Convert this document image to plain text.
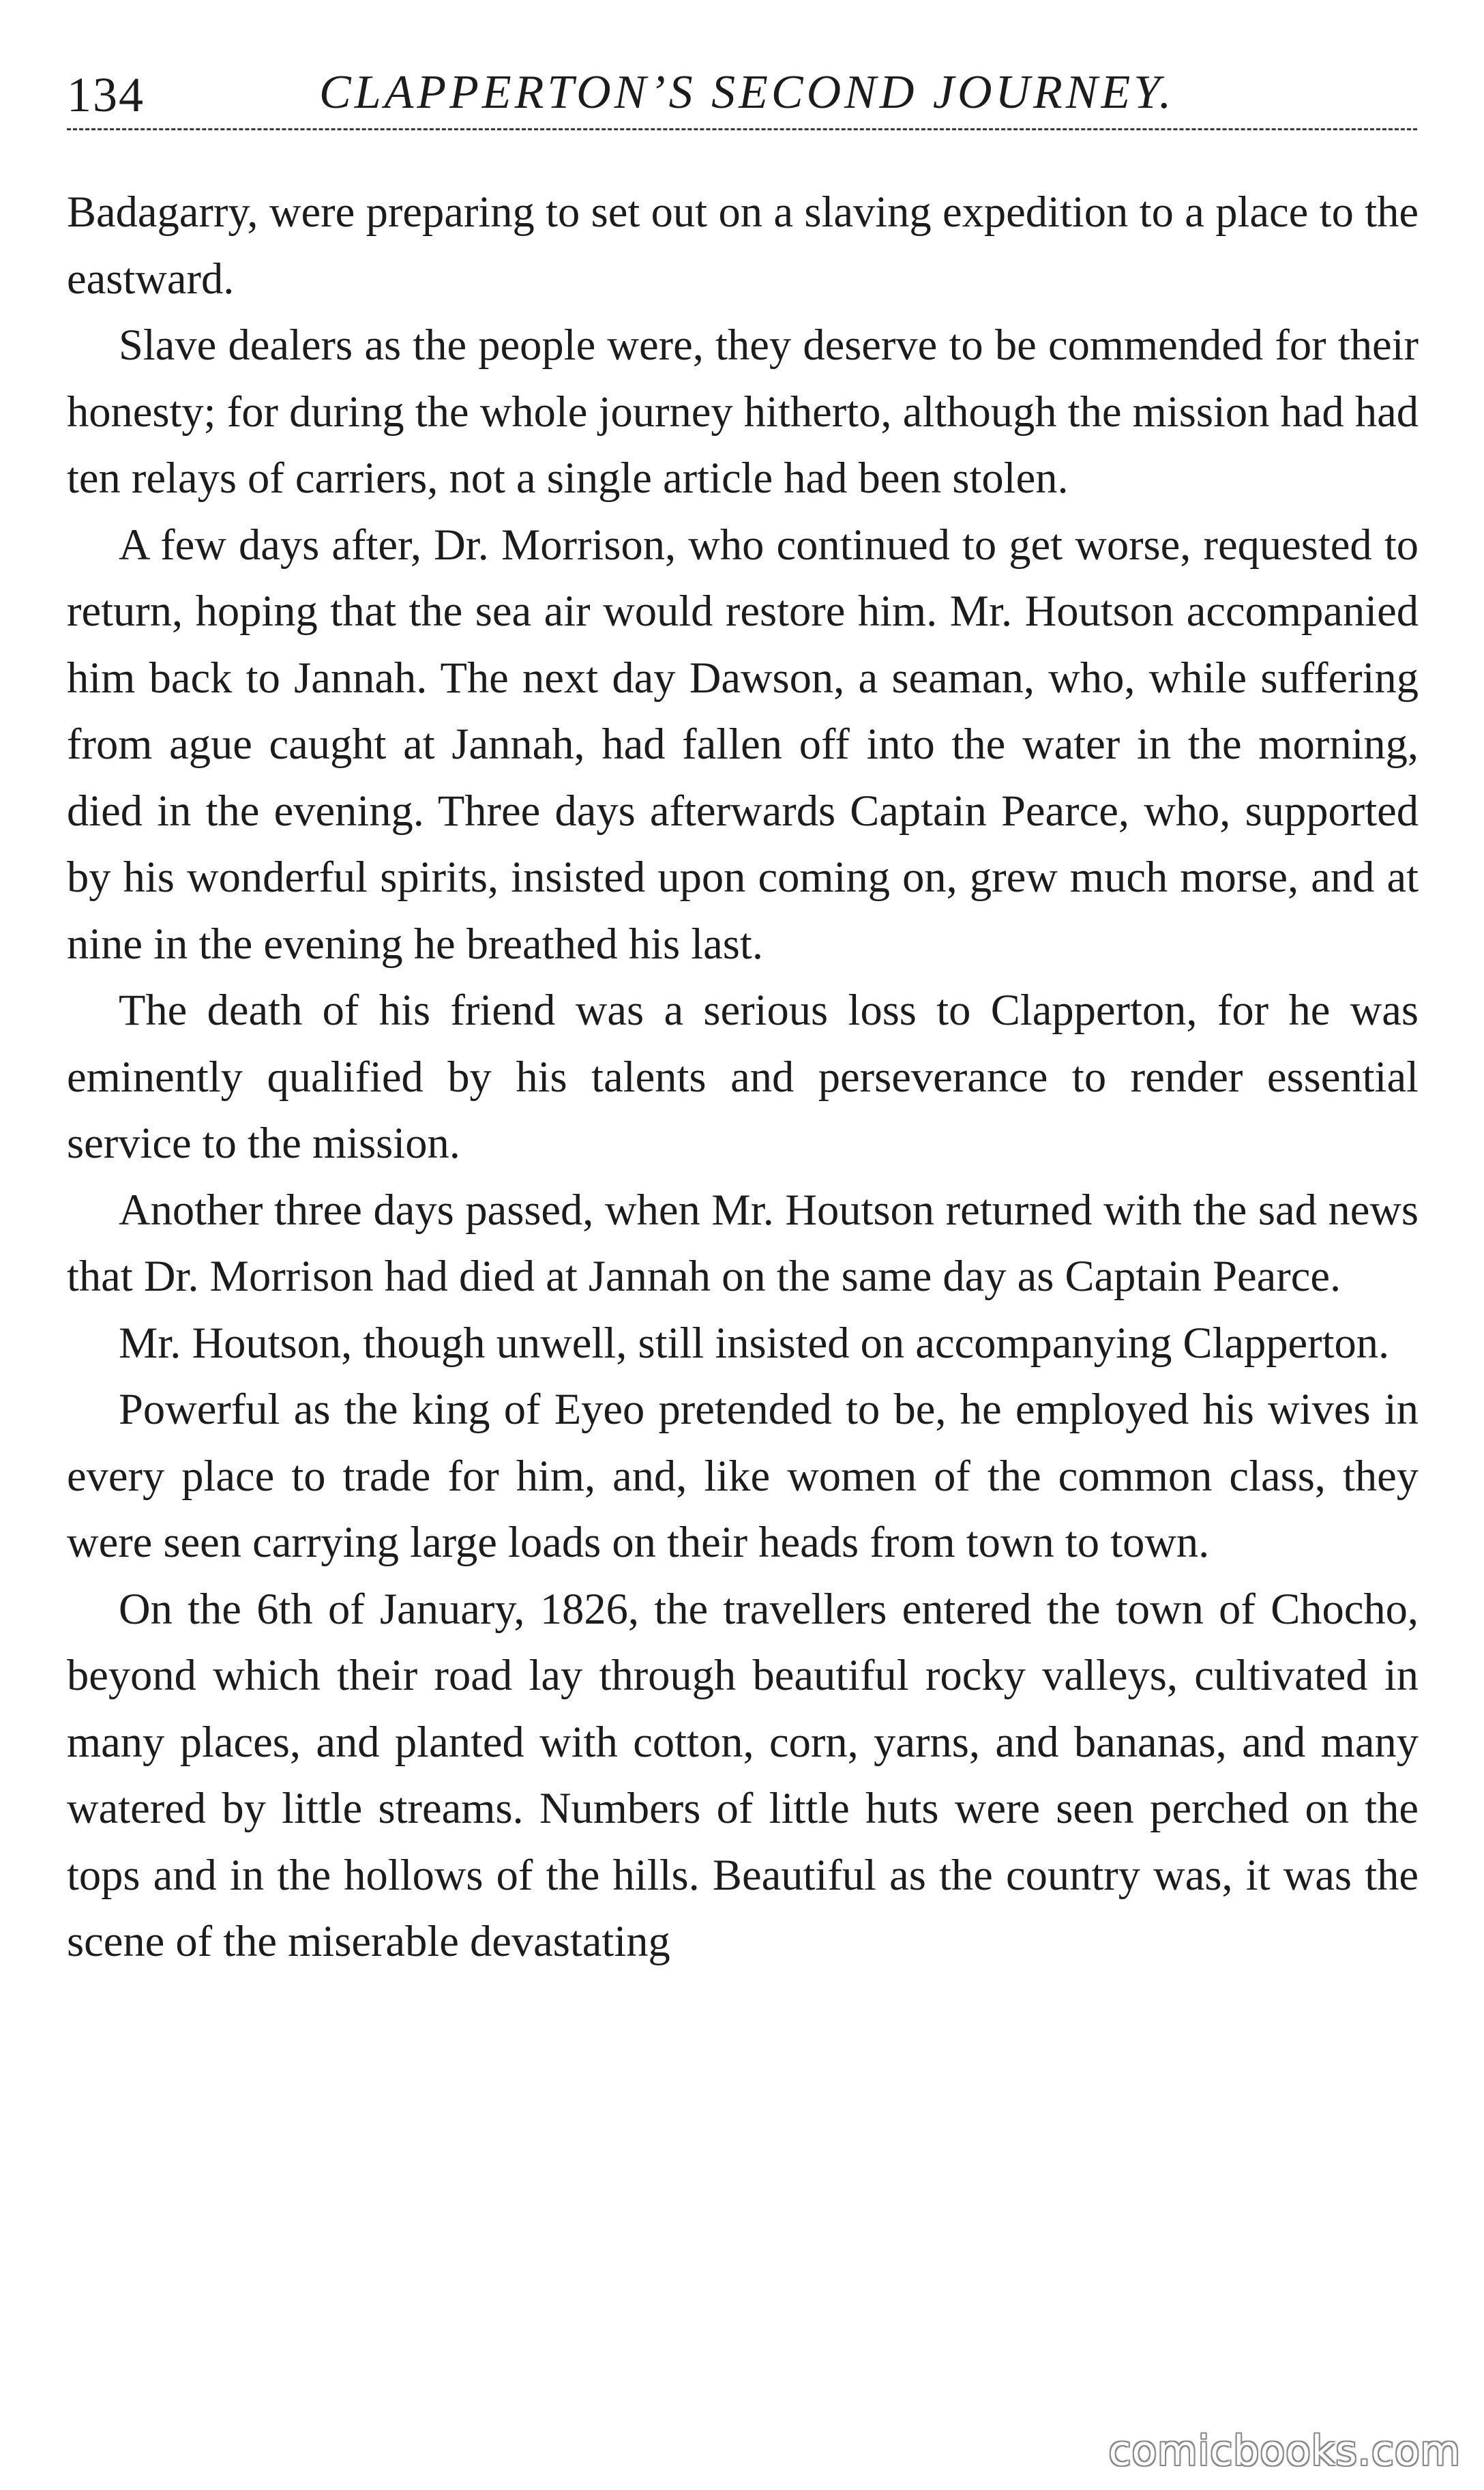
134	CLAPPERTON’S SECOND JOURNEY.

Badagarry, were preparing to set out on a slaving expedition to a place to the eastward.

Slave dealers as the people were, they deserve to be commended for their honesty; for during the whole journey hitherto, although the mission had had ten relays of carriers, not a single article had been stolen.

A few days after, Dr. Morrison, who continued to get worse, requested to return, hoping that the sea air would restore him. Mr. Houtson accompanied him back to Jannah. The next day Dawson, a seaman, who, while suffering from ague caught at Jannah, had fallen off into the water in the morning, died in the evening. Three days afterwards Captain Pearce, who, supported by his wonderful spirits, insisted upon coming on, grew much morse, and at nine in the evening he breathed his last.

The death of his friend was a serious loss to Clapperton, for he was eminently qualified by his talents and perseverance to render essential service to the mission.

Another three days passed, when Mr. Houtson returned with the sad news that Dr. Morrison had died at Jannah on the same day as Captain Pearce.

Mr. Houtson, though unwell, still insisted on accompanying Clapperton.

Powerful as the king of Eyeo pretended to be, he employed his wives in every place to trade for him, and, like women of the common class, they were seen carrying large loads on their heads from town to town.

On the 6th of January, 1826, the travellers entered the town of Chocho, beyond which their road lay through beautiful rocky valleys, cultivated in many places, and planted with cotton, corn, yarns, and bananas, and many watered by little streams. Numbers of little huts were seen perched on the tops and in the hollows of the hills. Beautiful as the country was, it was the scene of the miserable devastating

comicbooks.com
